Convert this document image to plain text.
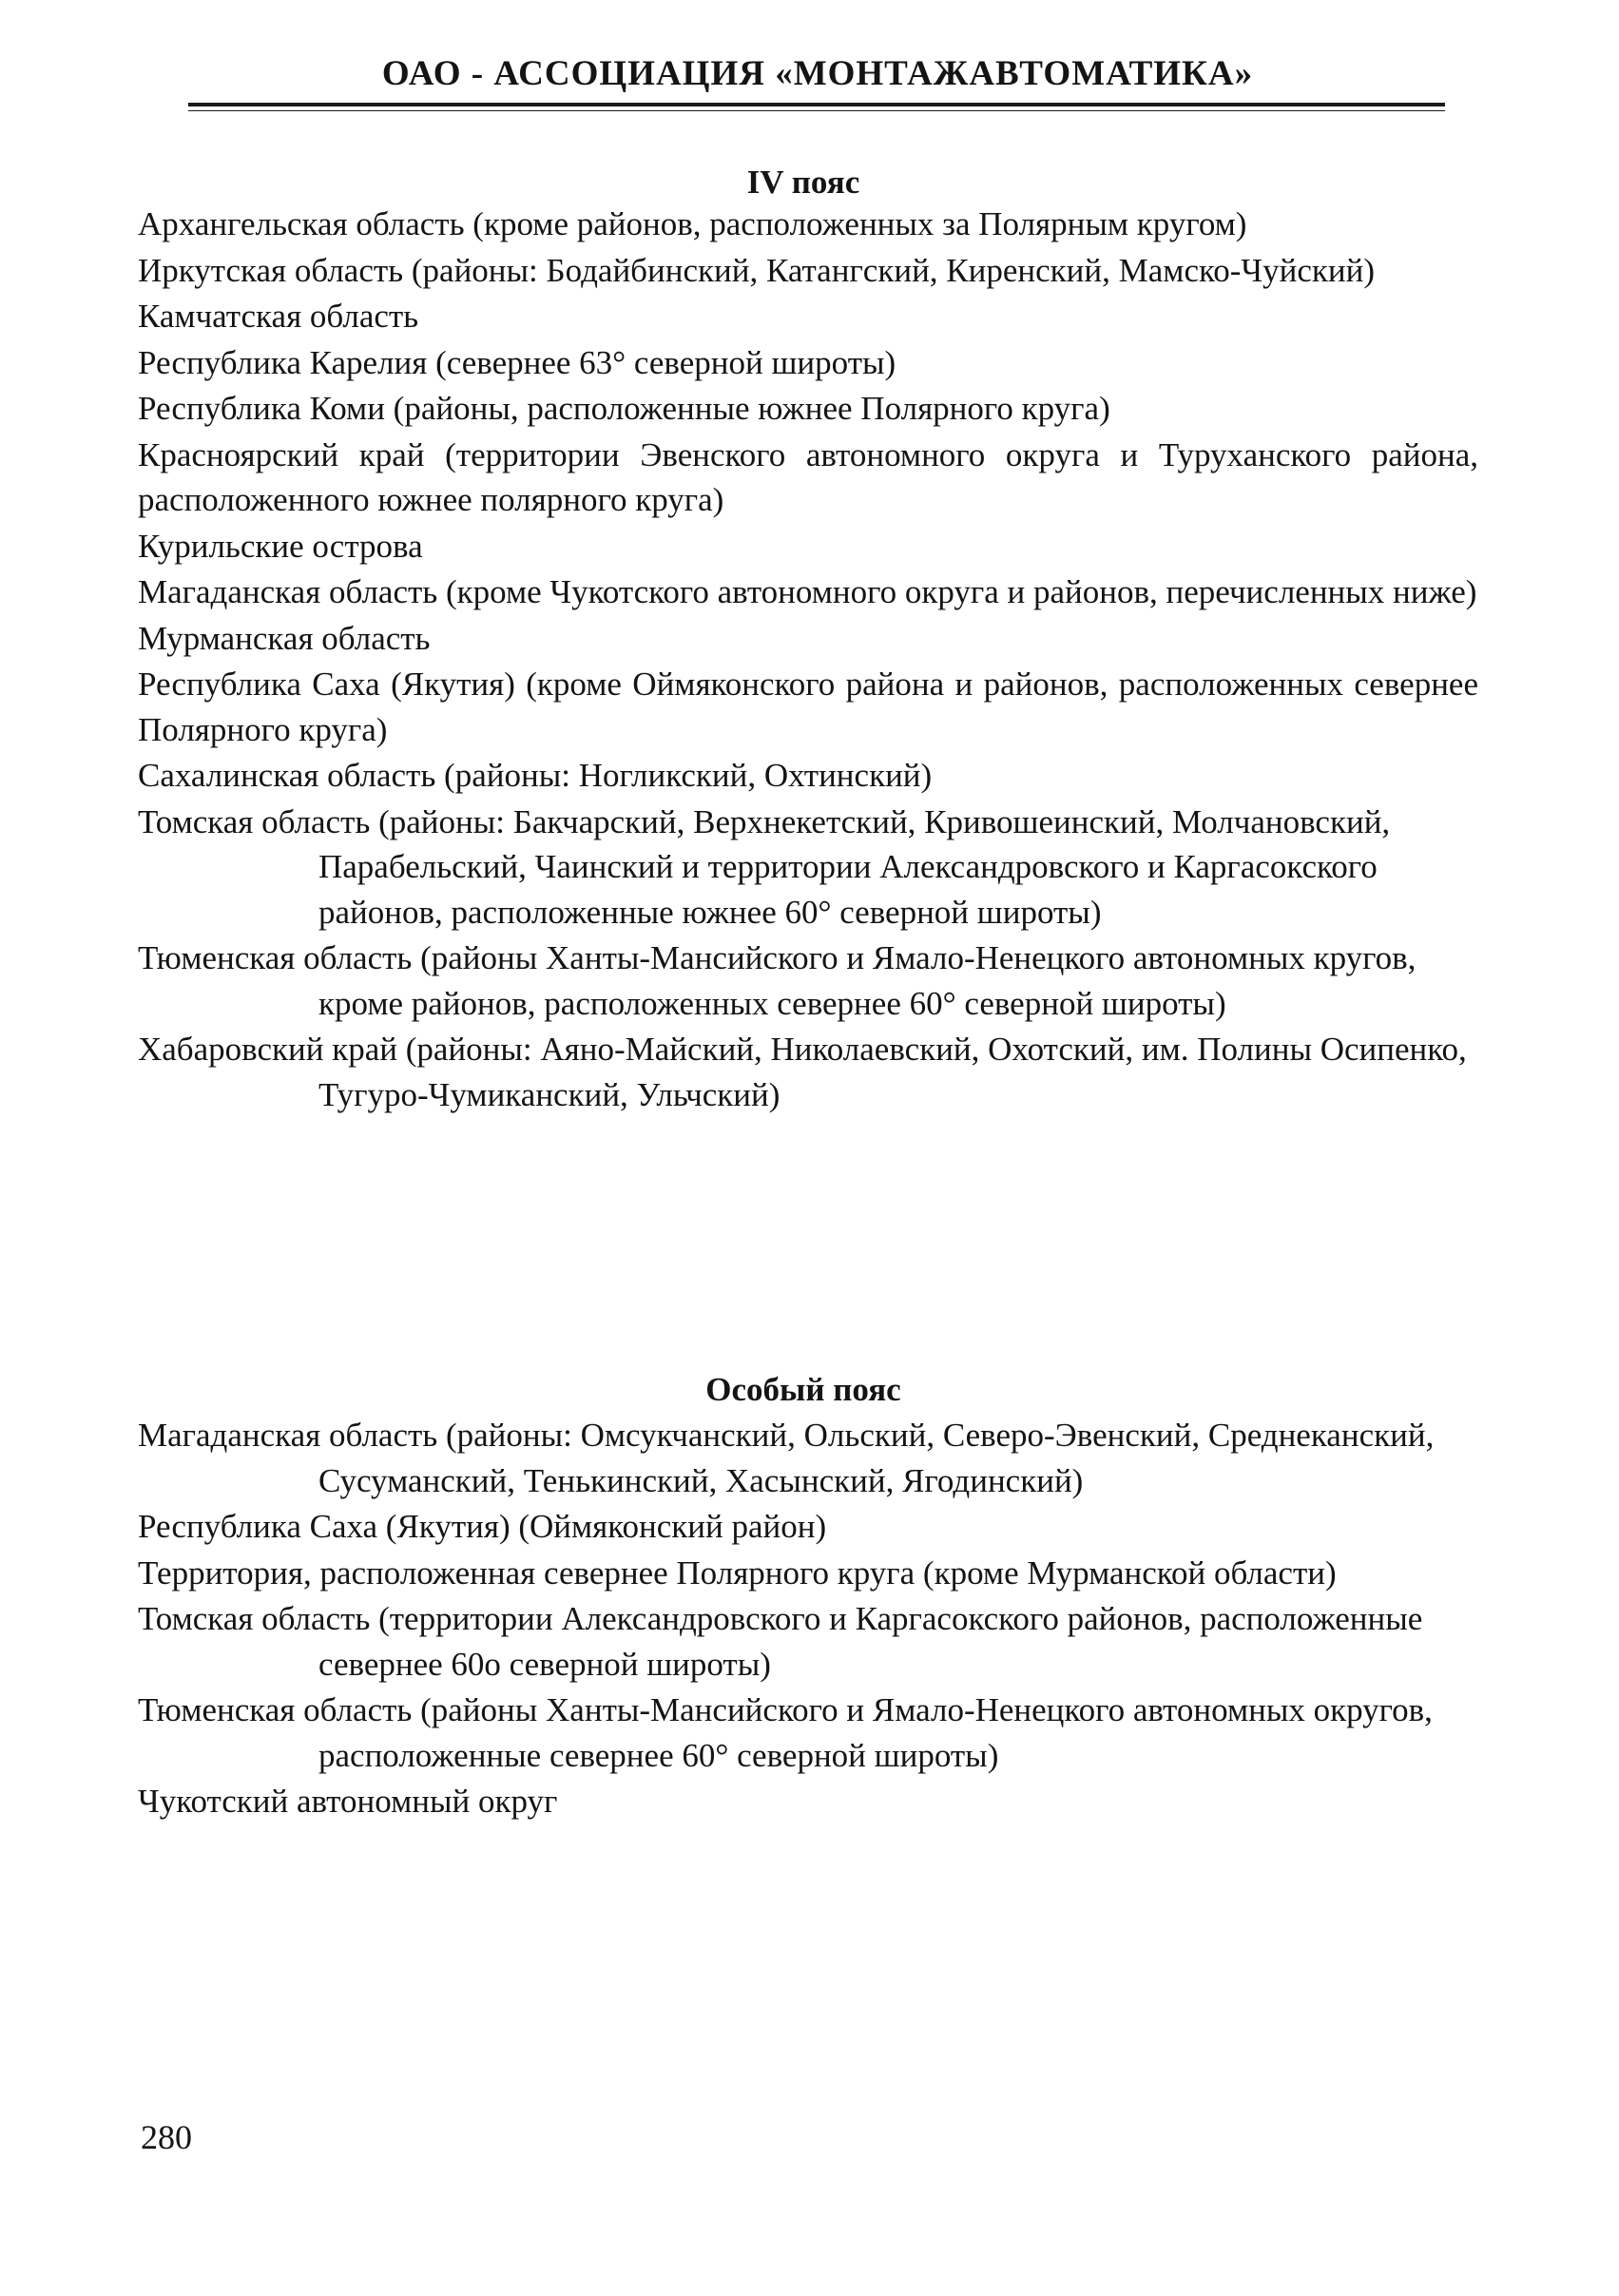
ОАО - АССОЦИАЦИЯ «МОНТАЖАВТОМАТИКА»
IV пояс
Архангельская область (кроме районов, расположенных за Полярным кругом)
Иркутская область (районы: Бодайбинский, Катангский, Киренский, Мамско-Чуйский)
Камчатская область
Республика Карелия (севернее 63° северной широты)
Республика Коми (районы, расположенные южнее Полярного круга)
Красноярский край (территории Эвенского автономного округа и Туруханского района, расположенного южнее полярного круга)
Курильские острова
Магаданская область (кроме Чукотского автономного округа и районов, перечисленных ниже)
Мурманская область
Республика Саха (Якутия) (кроме Оймяконского района и районов, расположенных севернее Полярного круга)
Сахалинская область (районы: Ногликский, Охтинский)
Томская область (районы: Бакчарский, Верхнекетский, Кривошеинский, Молчановский, Парабельский, Чаинский и территории Александровского и Каргасокского районов, расположенные южнее 60° северной широты)
Тюменская область (районы Ханты-Мансийского и Ямало-Ненецкого автономных кругов, кроме районов, расположенных севернее 60° северной широты)
Хабаровский край (районы: Аяно-Майский, Николаевский, Охотский, им. Полины Осипенко, Тугуро-Чумиканский, Ульчский)
Особый пояс
Магаданская область (районы: Омсукчанский, Ольский, Северо-Эвенский, Среднеканский, Сусуманский, Тенькинский, Хасынский, Ягодинский)
Республика Саха (Якутия) (Оймяконский район)
Территория, расположенная севернее Полярного круга (кроме Мурманской области)
Томская область (территории Александровского и Каргасокского районов, расположенные севернее 60о северной широты)
Тюменская область (районы Ханты-Мансийского и Ямало-Ненецкого автономных округов, расположенные севернее 60° северной широты)
Чукотский автономный округ
280
